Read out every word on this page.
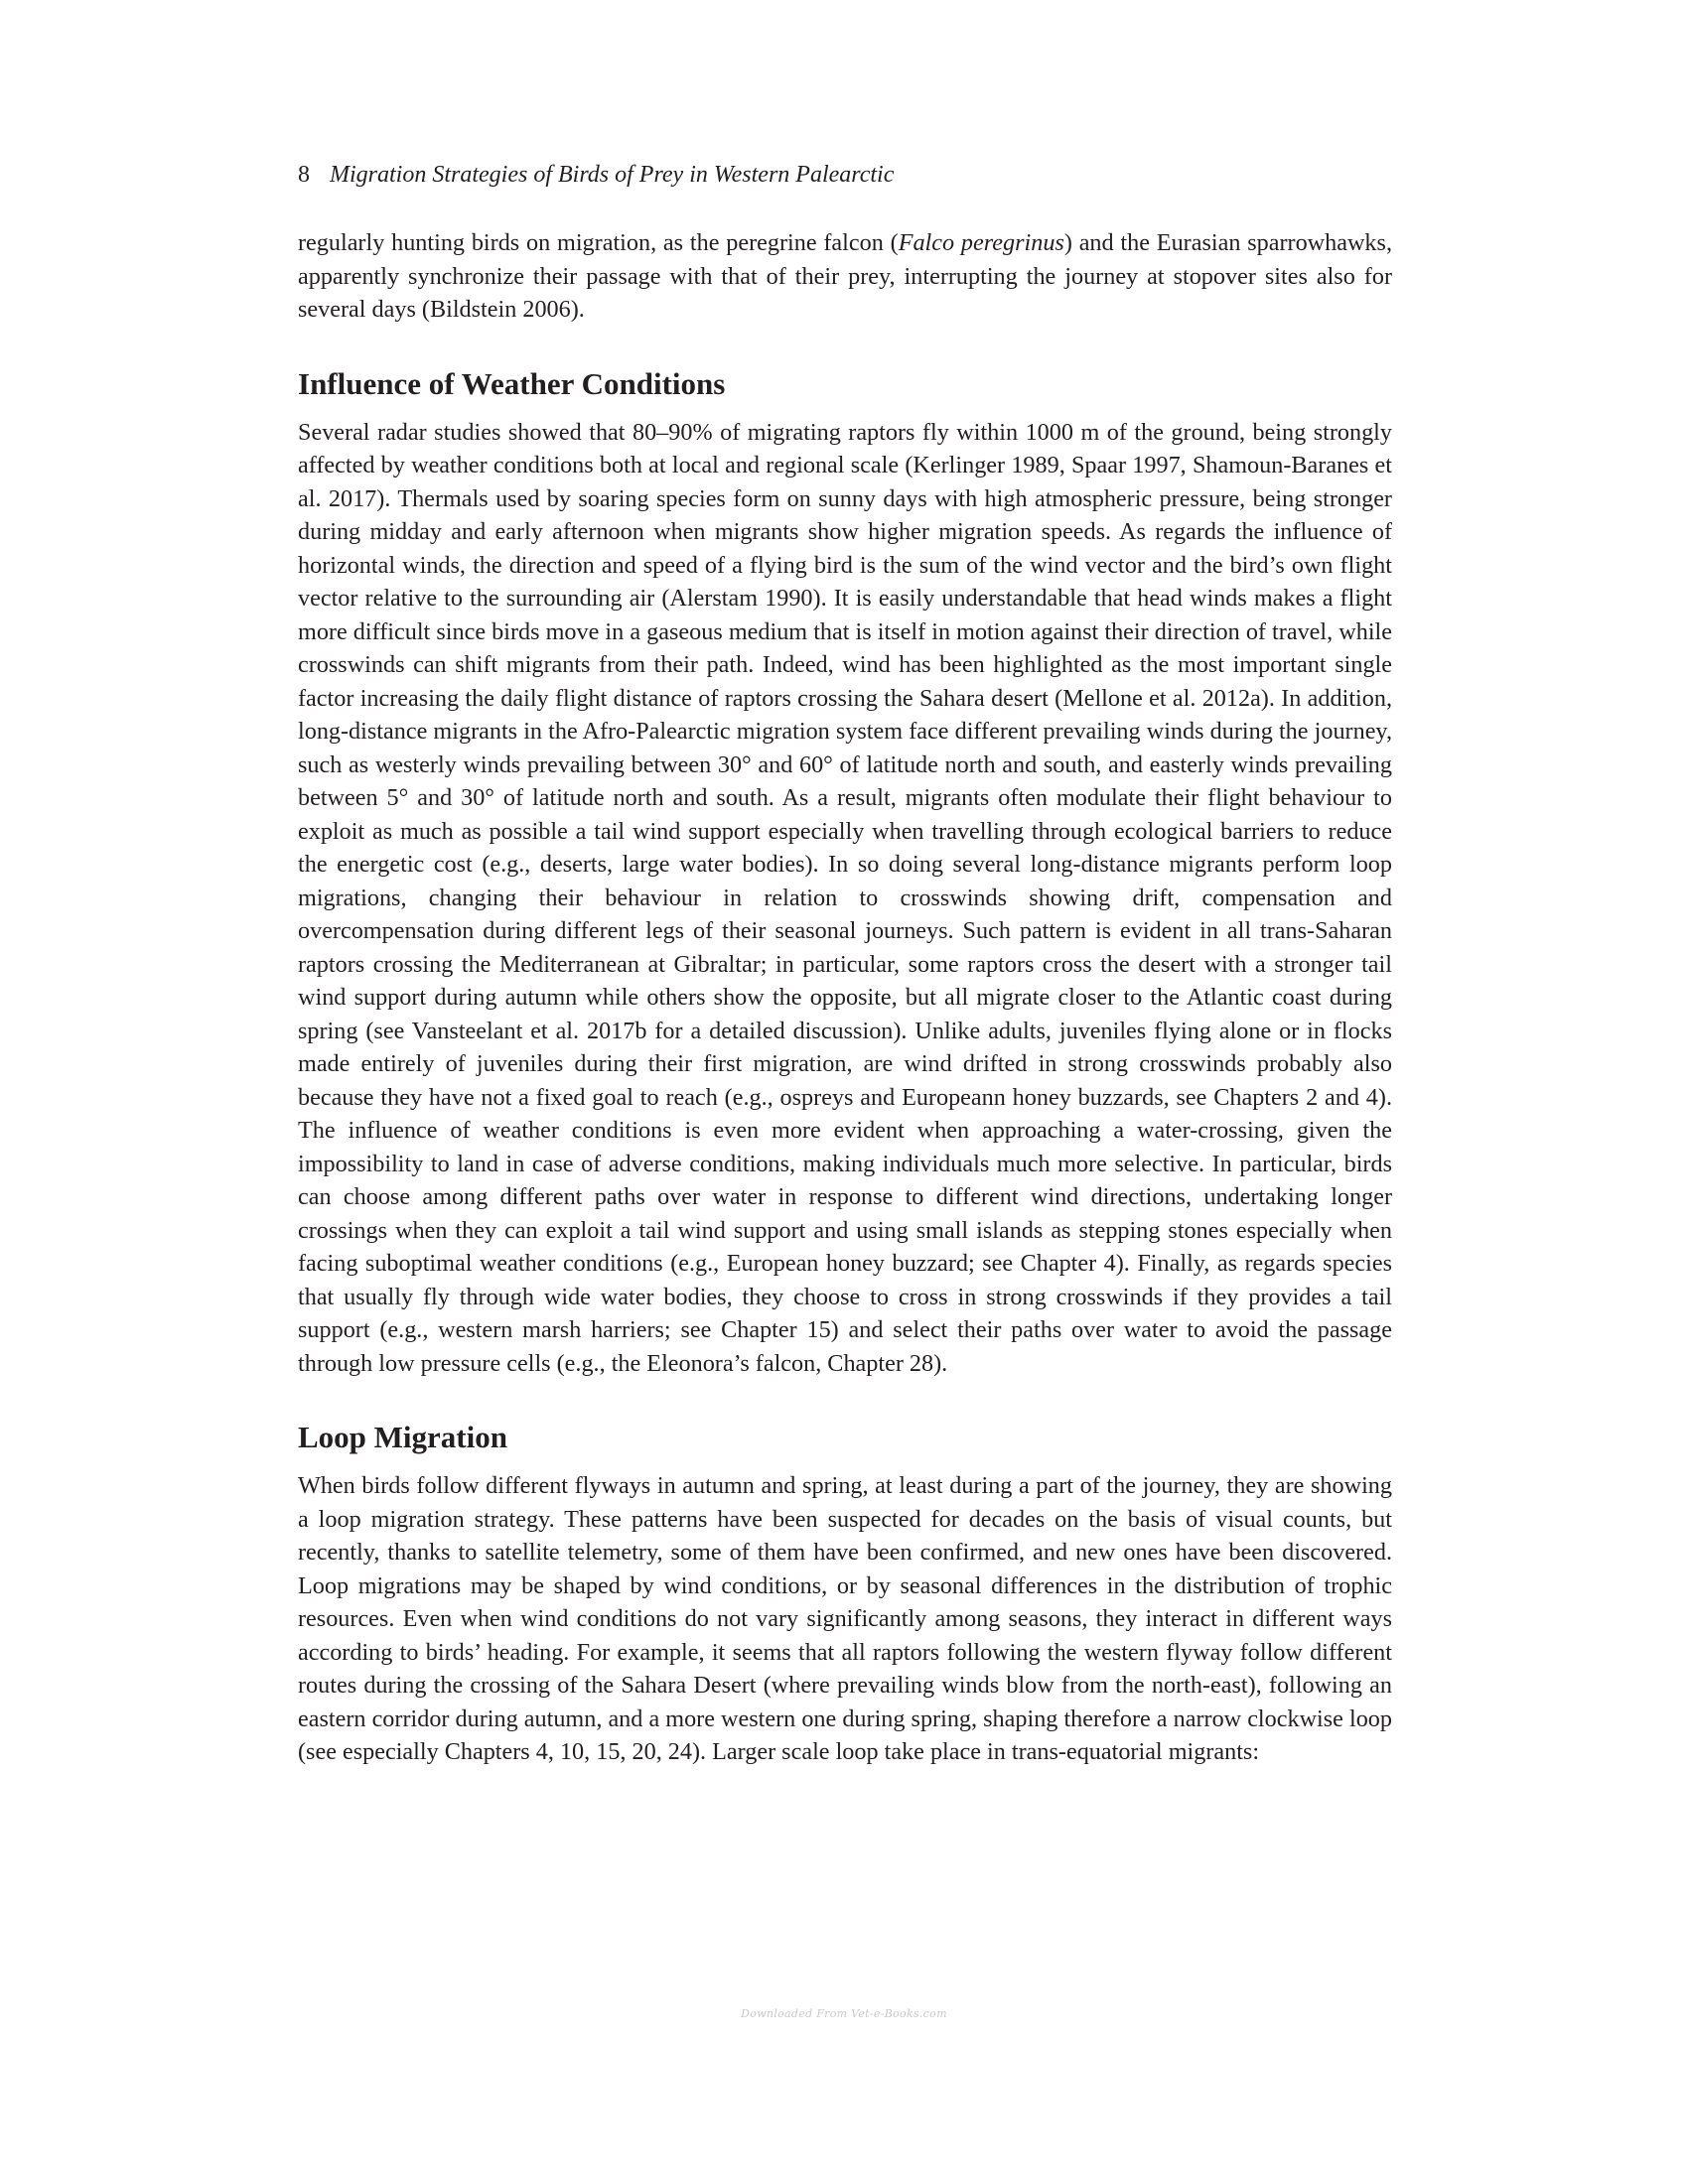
8 Migration Strategies of Birds of Prey in Western Palearctic

regularly hunting birds on migration, as the peregrine falcon (Falco peregrinus) and the Eurasian sparrowhawks, apparently synchronize their passage with that of their prey, interrupting the journey at stopover sites also for several days (Bildstein 2006).

Influence of Weather Conditions

Several radar studies showed that 80–90% of migrating raptors fly within 1000 m of the ground, being strongly affected by weather conditions both at local and regional scale (Kerlinger 1989, Spaar 1997, Shamoun-Baranes et al. 2017). Thermals used by soaring species form on sunny days with high atmospheric pressure, being stronger during midday and early afternoon when migrants show higher migration speeds. As regards the influence of horizontal winds, the direction and speed of a flying bird is the sum of the wind vector and the bird’s own flight vector relative to the surrounding air (Alerstam 1990). It is easily understandable that head winds makes a flight more difficult since birds move in a gaseous medium that is itself in motion against their direction of travel, while crosswinds can shift migrants from their path. Indeed, wind has been highlighted as the most important single factor increasing the daily flight distance of raptors crossing the Sahara desert (Mellone et al. 2012a). In addition, long-distance migrants in the Afro-Palearctic migration system face different prevailing winds during the journey, such as westerly winds prevailing between 30° and 60° of latitude north and south, and easterly winds prevailing between 5° and 30° of latitude north and south. As a result, migrants often modulate their flight behaviour to exploit as much as possible a tail wind support especially when travelling through ecological barriers to reduce the energetic cost (e.g., deserts, large water bodies). In so doing several long-distance migrants perform loop migrations, changing their behaviour in relation to crosswinds showing drift, compensation and overcompensation during different legs of their seasonal journeys. Such pattern is evident in all trans-Saharan raptors crossing the Mediterranean at Gibraltar; in particular, some raptors cross the desert with a stronger tail wind support during autumn while others show the opposite, but all migrate closer to the Atlantic coast during spring (see Vansteelant et al. 2017b for a detailed discussion). Unlike adults, juveniles flying alone or in flocks made entirely of juveniles during their first migration, are wind drifted in strong crosswinds probably also because they have not a fixed goal to reach (e.g., ospreys and Europeann honey buzzards, see Chapters 2 and 4). The influence of weather conditions is even more evident when approaching a water-crossing, given the impossibility to land in case of adverse conditions, making individuals much more selective. In particular, birds can choose among different paths over water in response to different wind directions, undertaking longer crossings when they can exploit a tail wind support and using small islands as stepping stones especially when facing suboptimal weather conditions (e.g., European honey buzzard; see Chapter 4). Finally, as regards species that usually fly through wide water bodies, they choose to cross in strong crosswinds if they provides a tail support (e.g., western marsh harriers; see Chapter 15) and select their paths over water to avoid the passage through low pressure cells (e.g., the Eleonora’s falcon, Chapter 28).

Loop Migration

When birds follow different flyways in autumn and spring, at least during a part of the journey, they are showing a loop migration strategy. These patterns have been suspected for decades on the basis of visual counts, but recently, thanks to satellite telemetry, some of them have been confirmed, and new ones have been discovered. Loop migrations may be shaped by wind conditions, or by seasonal differences in the distribution of trophic resources. Even when wind conditions do not vary significantly among seasons, they interact in different ways according to birds’ heading. For example, it seems that all raptors following the western flyway follow different routes during the crossing of the Sahara Desert (where prevailing winds blow from the north-east), following an eastern corridor during autumn, and a more western one during spring, shaping therefore a narrow clockwise loop (see especially Chapters 4, 10, 15, 20, 24). Larger scale loop take place in trans-equatorial migrants:

Downloaded From Vet-e-Books.com
